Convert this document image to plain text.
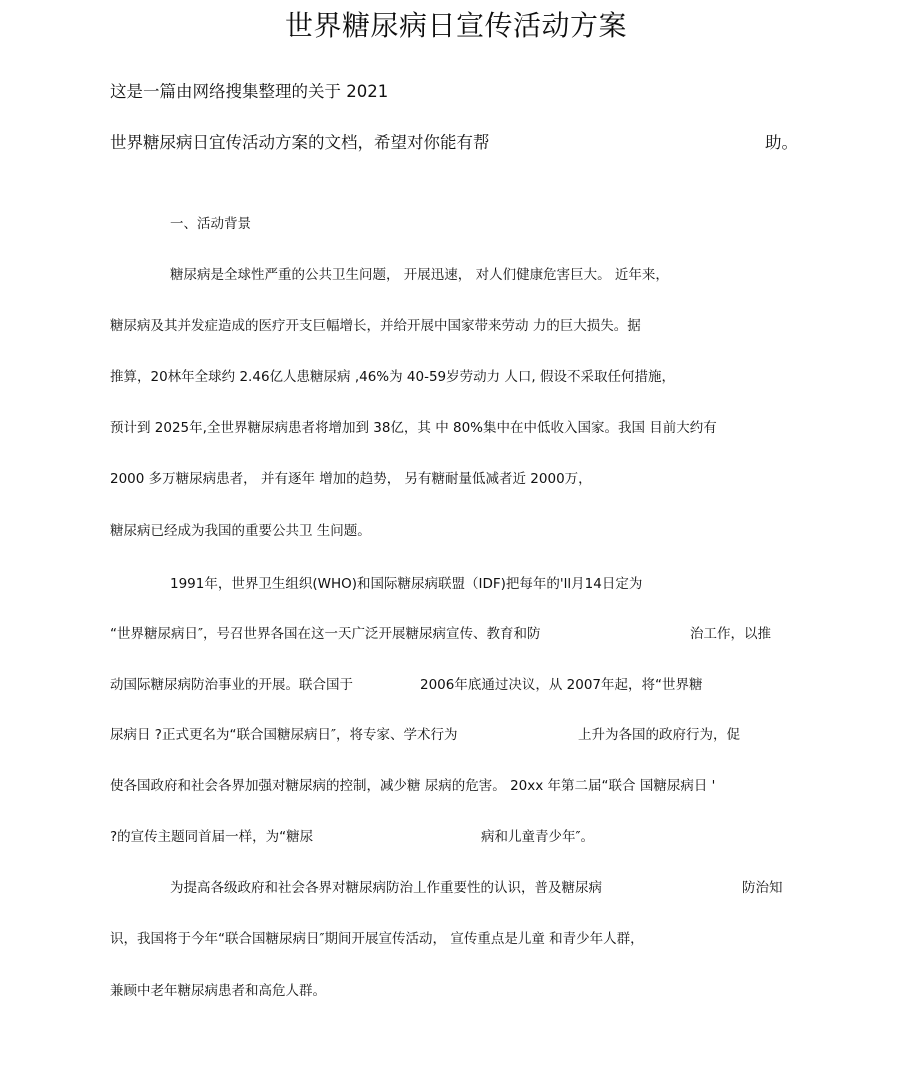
世界糖尿病日宣传活动方案
这是一篇由网络搜集整理的关于 2021
世界糖尿病日宜传活动方案的文档，希望对你能有帮	助。
一、活动背景
糖尿病是全球性严重的公共卫生问题， 开展迅速， 对人们健康危害巨大。 近年来，
糖尿病及其并发症造成的医疗开支巨幅增长，并给开展中国家带来劳动 力的巨大损失。据
推算，20林年全球约 2.46亿人患糖尿病 ,46%为 40-59岁劳动力 人口, 假设不采取任何措施，
预计到 2025年,全世界糖尿病患者将增加到 38亿，其 中 80%集中在中低收入国家。我国 目前大约有
2000 多万糖尿病患者， 并有逐年 增加的趋势， 另有糖耐量低减者近 2000万，
糖尿病已经成为我国的重要公共卫 生问题。
1991年，世界卫生组织(WHO)和国际糖尿病联盟（IDF)把每年的'll月14日定为
“世界糖尿病日″，号召世界各国在这一天广泛开展糖尿病宣传、教育和防	治工作，以推
动国际糖尿病防治事业的开展。联合国于	2006年底通过决议，从 2007年起，将“世界糖
尿病日 ?正式更名为“联合国糖尿病日″，将专家、学术行为	上升为各国的政府行为，促
使各国政府和社会各界加强对糖尿病的控制，减少糖 尿病的危害。 20xx 年第二届“联合 国糖尿病日 '
?的宣传主题同首届一样，为“糖尿	病和儿童青少年″。
为提高各级政府和社会各界对糖尿病防治丄作重要性的认识，普及糖尿病	防治知
识，我国将于今年“联合国糖尿病日″期间开展宣传活动， 宣传重点是儿童 和青少年人群，
兼顾中老年糖尿病患者和高危人群。
